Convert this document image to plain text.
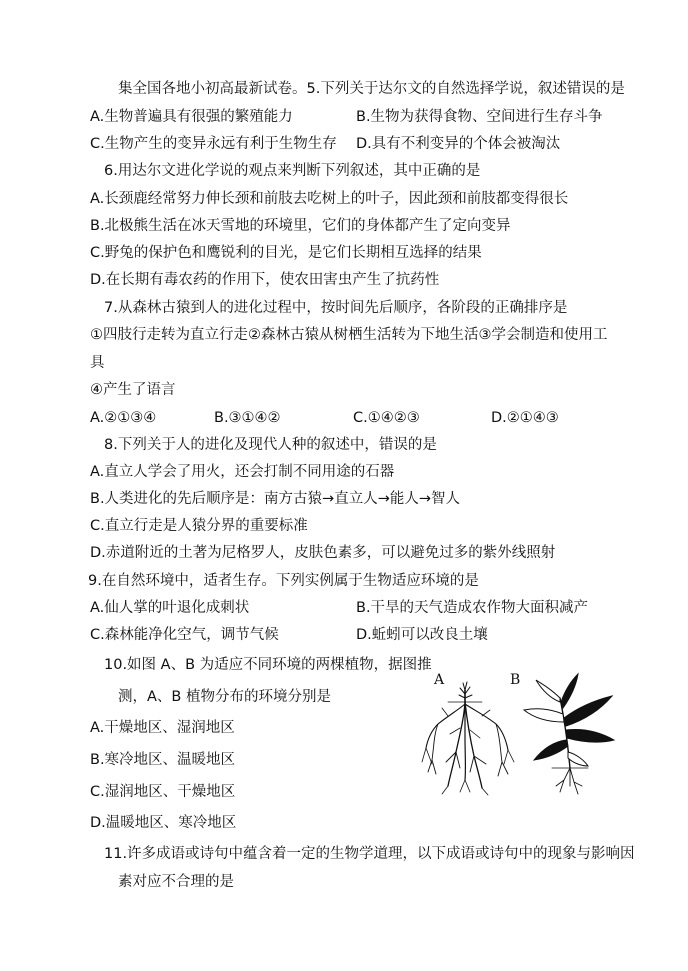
集全国各地小初高最新试卷。5.下列关于达尔文的自然选择学说，叙述错误的是
A.生物普遍具有很强的繁殖能力	B.生物为获得食物、空间进行生存斗争
C.生物产生的变异永远有利于生物生存 D.具有不利变异的个体会被淘汰
6.用达尔文进化学说的观点来判断下列叙述，其中正确的是
A.长颈鹿经常努力伸长颈和前肢去吃树上的叶子，因此颈和前肢都变得很长
B.北极熊生活在冰天雪地的环境里，它们的身体都产生了定向变异
C.野兔的保护色和鹰锐利的目光，是它们长期相互选择的结果
D.在长期有毒农药的作用下，使农田害虫产生了抗药性
7.从森林古猿到人的进化过程中，按时间先后顺序，各阶段的正确排序是
①四肢行走转为直立行走②森林古猿从树栖生活转为下地生活③学会制造和使用工
具
④产生了语言
A.②①③④	B.③①④②	C.①④②③	D.②①④③
8.下列关于人的进化及现代人种的叙述中，错误的是
A.直立人学会了用火，还会打制不同用途的石器
B.人类进化的先后顺序是：南方古猿→直立人→能人→智人
C.直立行走是人猿分界的重要标准
D.赤道附近的土著为尼格罗人，皮肤色素多，可以避免过多的紫外线照射
9.在自然环境中，适者生存。下列实例属于生物适应环境的是
A.仙人掌的叶退化成刺状	B.干旱的天气造成农作物大面积减产
C.森林能净化空气，调节气候	D.蚯蚓可以改良土壤
10.如图 A、B 为适应不同环境的两棵植物，据图推
测，A、B 植物分布的环境分别是
A.干燥地区、湿润地区
B.寒冷地区、温暖地区
C.湿润地区、干燥地区
D.温暖地区、寒冷地区
A	B
11.许多成语或诗句中蕴含着一定的生物学道理，以下成语或诗句中的现象与影响因
素对应不合理的是
